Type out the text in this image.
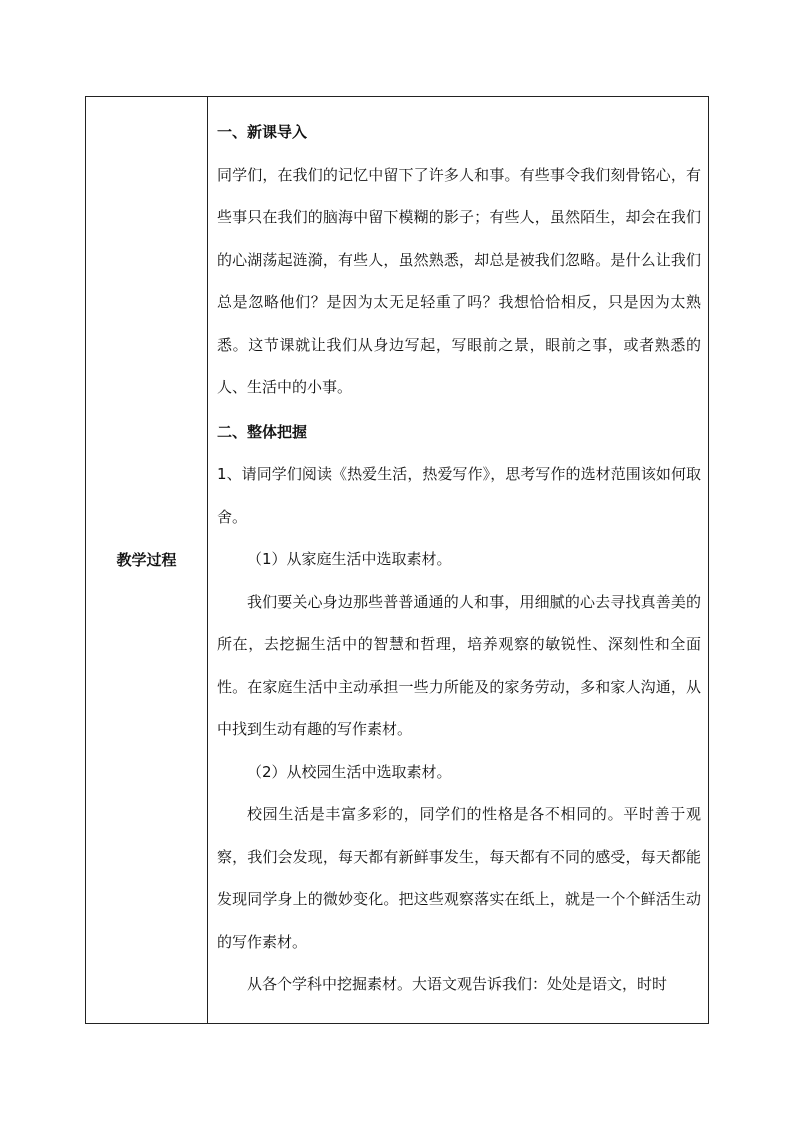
教学过程

一、新课导入

同学们，在我们的记忆中留下了许多人和事。有些事令我们刻骨铭心，有些事只在我们的脑海中留下模糊的影子；有些人，虽然陌生，却会在我们的心湖荡起涟漪，有些人，虽然熟悉，却总是被我们忽略。是什么让我们总是忽略他们？是因为太无足轻重了吗？我想恰恰相反，只是因为太熟悉。这节课就让我们从身边写起，写眼前之景，眼前之事，或者熟悉的人、生活中的小事。

二、整体把握

1、请同学们阅读《热爱生活，热爱写作》，思考写作的选材范围该如何取舍。

（1）从家庭生活中选取素材。

我们要关心身边那些普普通通的人和事，用细腻的心去寻找真善美的所在，去挖掘生活中的智慧和哲理，培养观察的敏锐性、深刻性和全面性。在家庭生活中主动承担一些力所能及的家务劳动，多和家人沟通，从中找到生动有趣的写作素材。

（2）从校园生活中选取素材。

校园生活是丰富多彩的，同学们的性格是各不相同的。平时善于观察，我们会发现，每天都有新鲜事发生，每天都有不同的感受，每天都能发现同学身上的微妙变化。把这些观察落实在纸上，就是一个个鲜活生动的写作素材。

从各个学科中挖掘素材。大语文观告诉我们：处处是语文，时时
